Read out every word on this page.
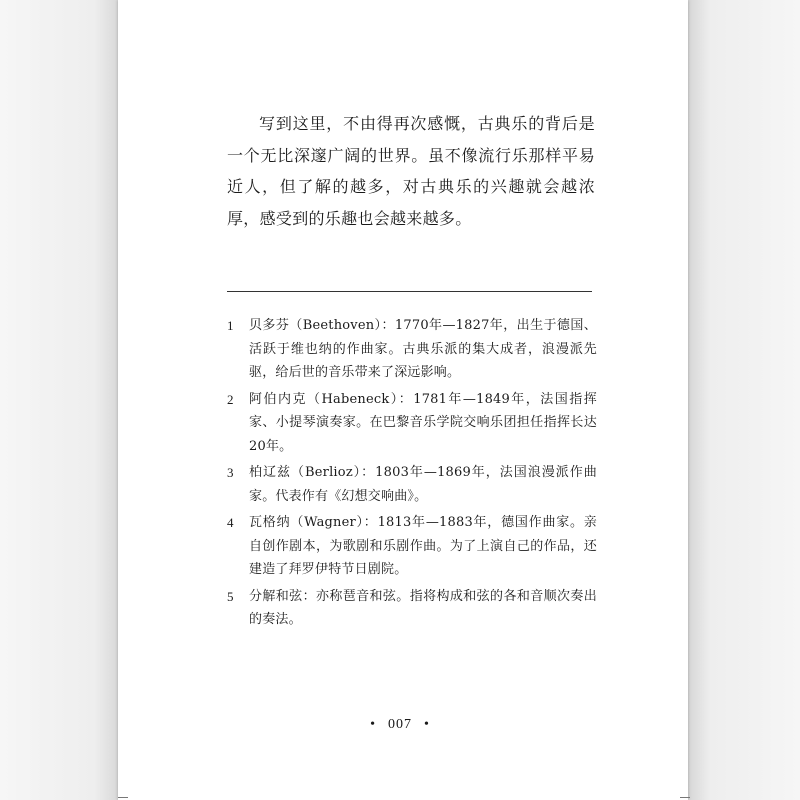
写到这里，不由得再次感慨，古典乐的背后是一个无比深邃广阔的世界。虽不像流行乐那样平易近人，但了解的越多，对古典乐的兴趣就会越浓厚，感受到的乐趣也会越来越多。

1	贝多芬（Beethoven）：1770年—1827年，出生于德国、活跃于维也纳的作曲家。古典乐派的集大成者，浪漫派先驱，给后世的音乐带来了深远影响。
2	阿伯内克（Habeneck）：1781年—1849年，法国指挥家、小提琴演奏家。在巴黎音乐学院交响乐团担任指挥长达20年。
3	柏辽兹（Berlioz）：1803年—1869年，法国浪漫派作曲家。代表作有《幻想交响曲》。
4	瓦格纳（Wagner）：1813年—1883年，德国作曲家。亲自创作剧本，为歌剧和乐剧作曲。为了上演自己的作品，还建造了拜罗伊特节日剧院。
5	分解和弦：亦称琶音和弦。指将构成和弦的各和音顺次奏出的奏法。
• 007 •
